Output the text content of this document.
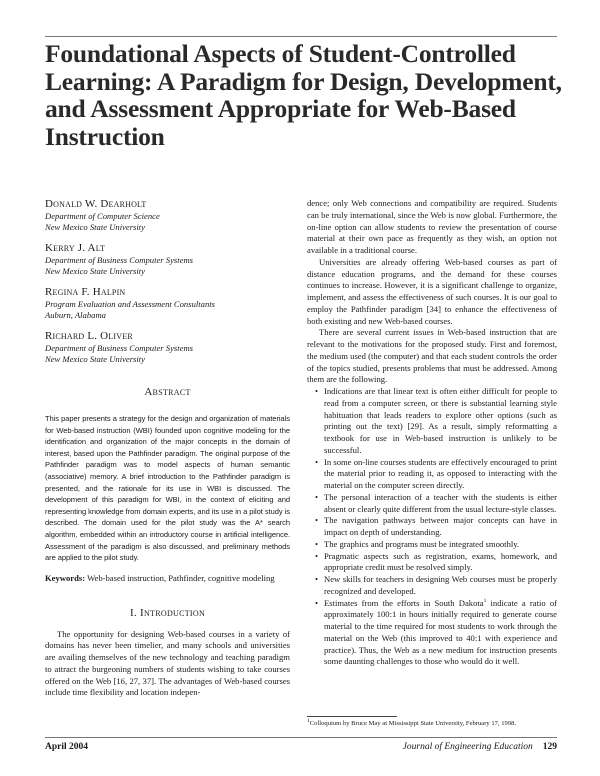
Foundational Aspects of Student-Controlled Learning: A Paradigm for Design, Development, and Assessment Appropriate for Web-Based Instruction
Donald W. Dearholt
Department of Computer Science
New Mexico State University
Kerry J. Alt
Department of Business Computer Systems
New Mexico State University
Regina F. Halpin
Program Evaluation and Assessment Consultants
Auburn, Alabama
Richard L. Oliver
Department of Business Computer Systems
New Mexico State University
Abstract

This paper presents a strategy for the design and organization of materials for Web-based instruction (WBI) founded upon cognitive modeling for the identification and organization of the major concepts in the domain of interest, based upon the Pathfinder paradigm. The original purpose of the Pathfinder paradigm was to model aspects of human semantic (associative) memory. A brief introduction to the Pathfinder paradigm is presented, and the rationale for its use in WBI is discussed. The development of this paradigm for WBI, in the context of eliciting and representing knowledge from domain experts, and its use in a pilot study is described. The domain used for the pilot study was the A* search algorithm, embedded within an introductory course in artificial intelligence. Assessment of the paradigm is also discussed, and preliminary methods are applied to the pilot study.

Keywords: Web-based instruction, Pathfinder, cognitive modeling

I. Introduction

The opportunity for designing Web-based courses in a variety of domains has never been timelier, and many schools and universities are availing themselves of the new technology and teaching paradigm to attract the burgeoning numbers of students wishing to take courses offered on the Web [16, 27, 37]. The advantages of Web-based courses include time flexibility and location indepen-

dence; only Web connections and compatibility are required. Students can be truly international, since the Web is now global. Furthermore, the on-line option can allow students to review the presentation of course material at their own pace as frequently as they wish, an option not available in a traditional course.

Universities are already offering Web-based courses as part of distance education programs, and the demand for these courses continues to increase. However, it is a significant challenge to organize, implement, and assess the effectiveness of such courses. It is our goal to employ the Pathfinder paradigm [34] to enhance the effectiveness of both existing and new Web-based courses.

There are several current issues in Web-based instruction that are relevant to the motivations for the proposed study. First and foremost, the medium used (the computer) and that each student controls the order of the topics studied, presents problems that must be addressed. Among them are the following.

• Indications are that linear text is often either difficult for people to read from a computer screen, or there is substantial learning style habituation that leads readers to explore other options (such as printing out the text) [29]. As a result, simply reformatting a textbook for use in Web-based instruction is unlikely to be successful.
• In some on-line courses students are effectively encouraged to print the material prior to reading it, as opposed to interacting with the material on the computer screen directly.
• The personal interaction of a teacher with the students is either absent or clearly quite different from the usual lecture-style classes.
• The navigation pathways between major concepts can have in impact on depth of understanding.
• The graphics and programs must be integrated smoothly.
• Pragmatic aspects such as registration, exams, homework, and appropriate credit must be resolved simply.
• New skills for teachers in designing Web courses must be properly recognized and developed.
• Estimates from the efforts in South Dakota$^1$ indicate a ratio of approximately 100:1 in hours initially required to generate course material to the time required for most students to work through the material on the Web (this improved to 40:1 with experience and practice). Thus, the Web as a new medium for instruction presents some daunting challenges to those who would do it well.

$^1$Colloquium by Bruce May at Mississippi State University, February 17, 1998.

April 2004	Journal of Engineering Education 129
